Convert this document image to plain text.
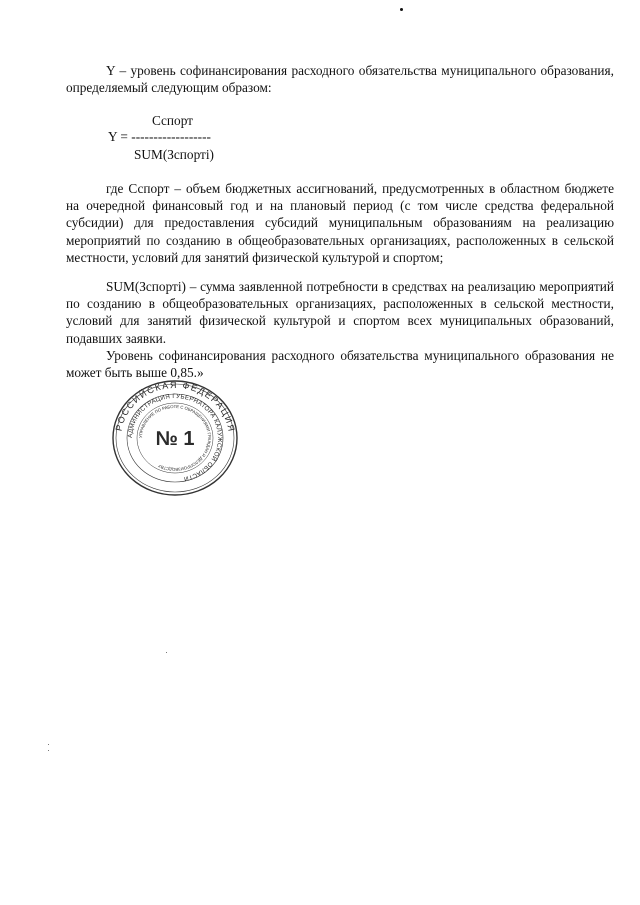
Y – уровень софинансирования расходного обязательства муниципального образования, определяемый следующим образом:

Сспорт
Y = ------------------
SUM(Зспортi)

где Сспорт – объем бюджетных ассигнований, предусмотренных в областном бюджете на очередной финансовый год и на плановый период (с том числе средства федеральной субсидии) для предоставления субсидий муниципальным образованиям на реализацию мероприятий по созданию в общеобразовательных организациях, расположенных в сельской местности, условий для занятий физической культурой и спортом;

SUM(Зспортi) – сумма заявленной потребности в средствах на реализацию мероприятий по созданию в общеобразовательных организациях, расположенных в сельской местности, условий для занятий физической культурой и спортом всех муниципальных образований, подавших заявки.

Уровень софинансирования расходного обязательства муниципального образования не может быть выше 0,85.»

РОССИЙСКАЯ ФЕДЕРАЦИЯ
АДМИНИСТРАЦИЯ ГУБЕРНАТОРА КАЛУЖСКОЙ ОБЛАСТИ
УПРАВЛЕНИЕ ПО РАБОТЕ С ОБРАЩЕНИЯМИ ГРАЖДАН И ДЕЛОПРОИЗВОДСТВУ
№ 1
